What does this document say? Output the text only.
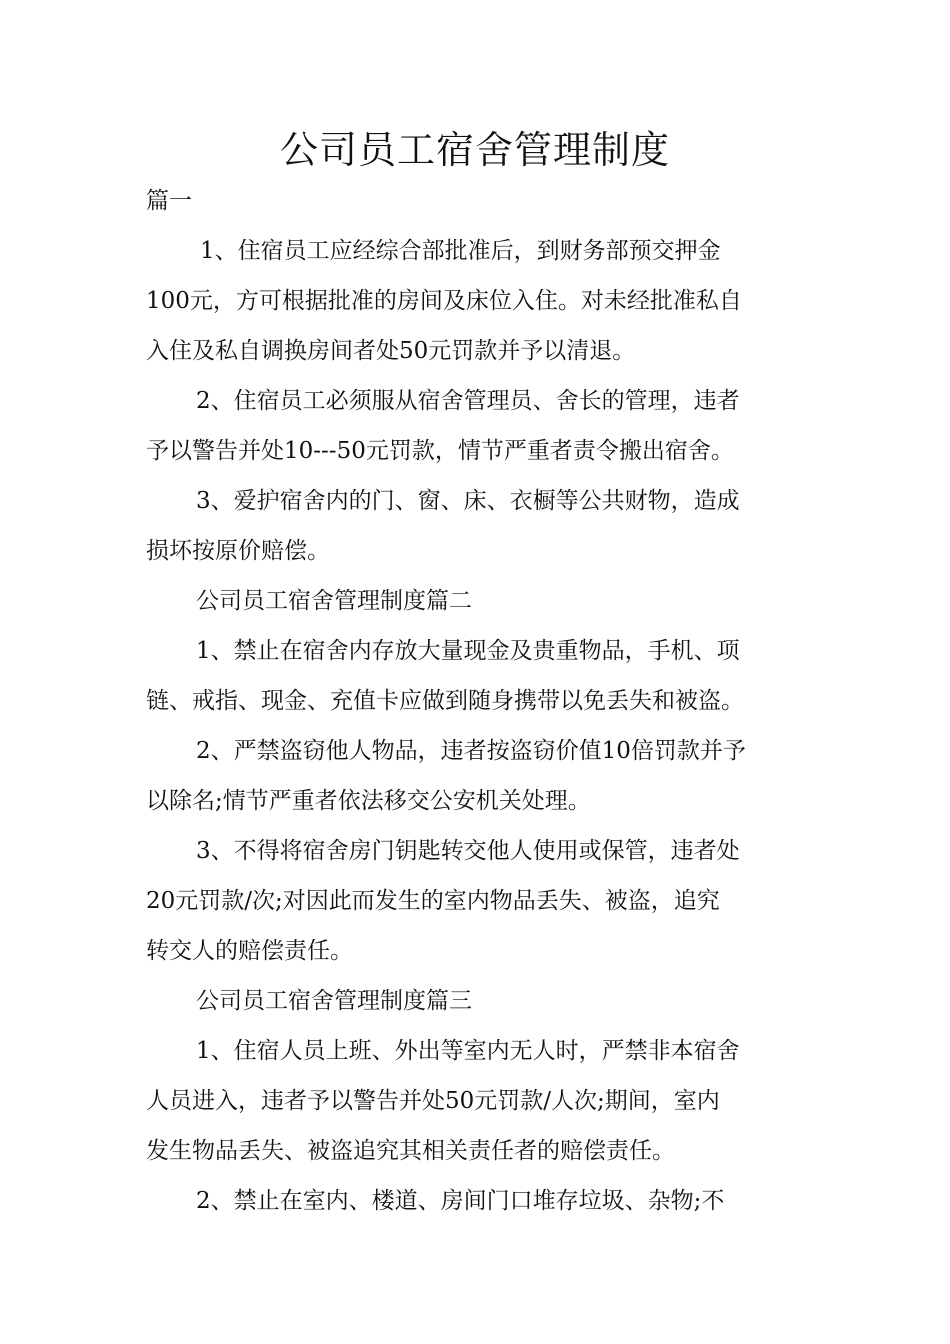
公司员工宿舍管理制度
篇一
1、住宿员工应经综合部批准后，到财务部预交押金
100元，方可根据批准的房间及床位入住。对未经批准私自
入住及私自调换房间者处50元罚款并予以清退。
2、住宿员工必须服从宿舍管理员、舍长的管理，违者
予以警告并处10---50元罚款，情节严重者责令搬出宿舍。
3、爱护宿舍内的门、窗、床、衣橱等公共财物，造成
损坏按原价赔偿。
公司员工宿舍管理制度篇二
1、禁止在宿舍内存放大量现金及贵重物品，手机、项
链、戒指、现金、充值卡应做到随身携带以免丢失和被盗。
2、严禁盗窃他人物品，违者按盗窃价值10倍罚款并予
以除名;情节严重者依法移交公安机关处理。
3、不得将宿舍房门钥匙转交他人使用或保管，违者处
20元罚款/次;对因此而发生的室内物品丢失、被盗，追究
转交人的赔偿责任。
公司员工宿舍管理制度篇三
1、住宿人员上班、外出等室内无人时，严禁非本宿舍
人员进入，违者予以警告并处50元罚款/人次;期间，室内
发生物品丢失、被盗追究其相关责任者的赔偿责任。
2、禁止在室内、楼道、房间门口堆存垃圾、杂物;不
